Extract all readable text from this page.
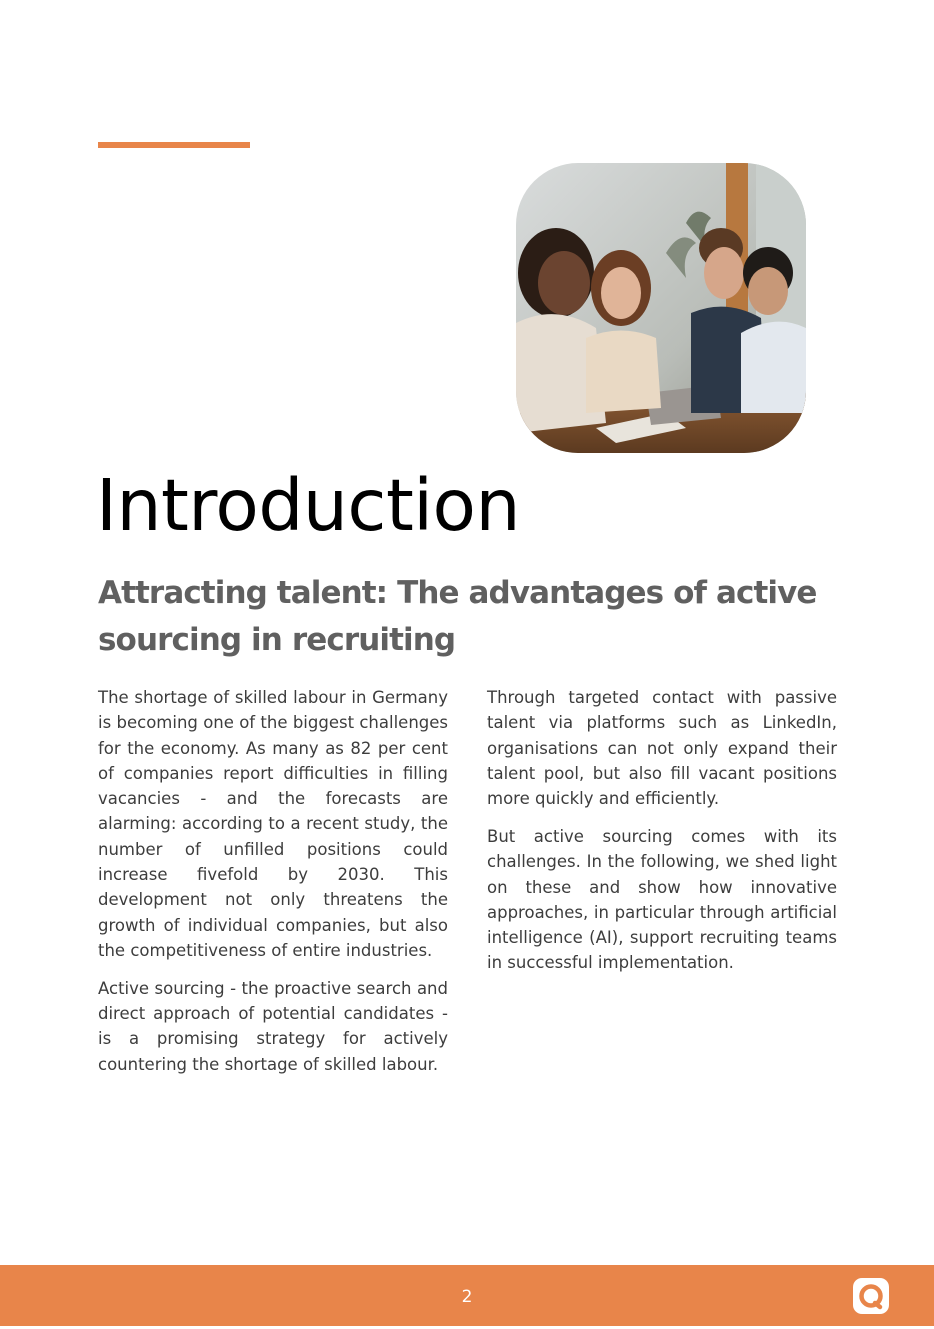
Introduction
Attracting talent: The advantages of active sourcing in recruiting

The shortage of skilled labour in Germany is becoming one of the biggest challenges for the economy. As many as 82 per cent of companies report difficulties in filling vacancies - and the forecasts are alarming: according to a recent study, the number of unfilled positions could increase fivefold by 2030. This development not only threatens the growth of individual companies, but also the competitiveness of entire industries.

Active sourcing - the proactive search and direct approach of potential candidates - is a promising strategy for actively countering the shortage of skilled labour.

Through targeted contact with passive talent via platforms such as LinkedIn, organisations can not only expand their talent pool, but also fill vacant positions more quickly and efficiently.

But active sourcing comes with its challenges. In the following, we shed light on these and show how innovative approaches, in particular through artificial intelligence (AI), support recruiting teams in successful implementation.

2
